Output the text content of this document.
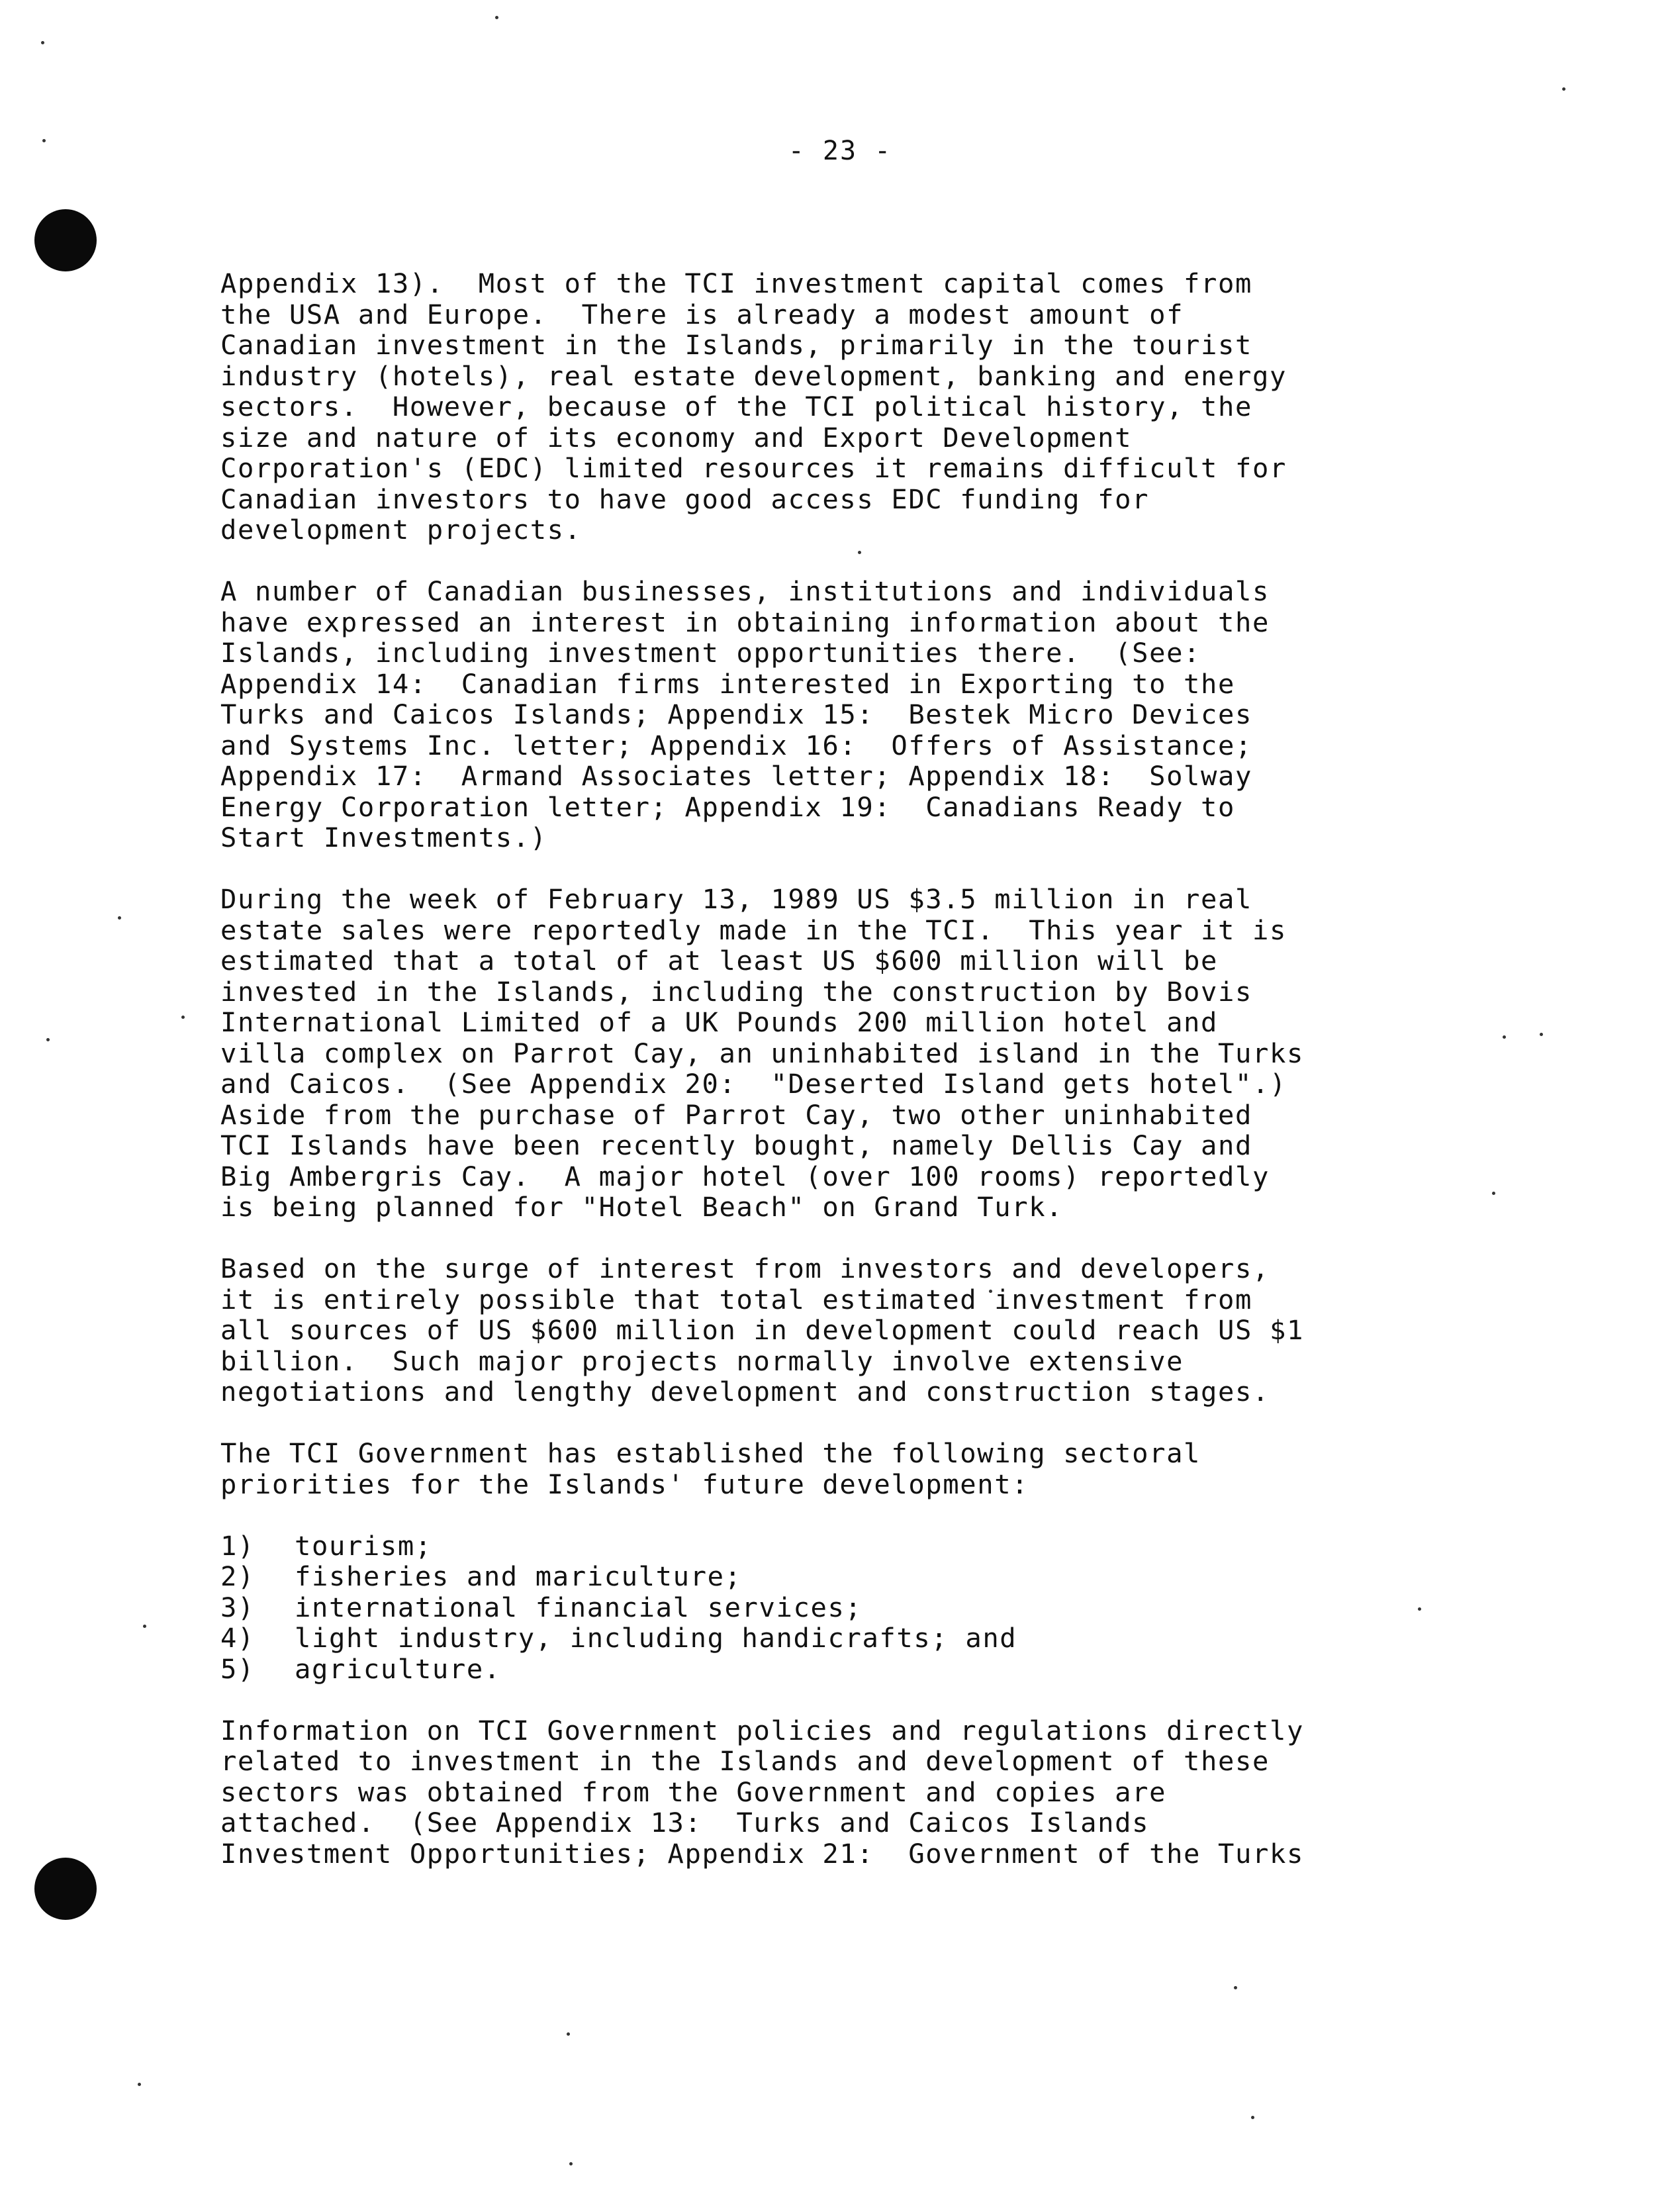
- 23 -

Appendix 13).  Most of the TCI investment capital comes from
the USA and Europe.  There is already a modest amount of
Canadian investment in the Islands, primarily in the tourist
industry (hotels), real estate development, banking and energy
sectors.  However, because of the TCI political history, the
size and nature of its economy and Export Development
Corporation's (EDC) limited resources it remains difficult for
Canadian investors to have good access EDC funding for
development projects.

A number of Canadian businesses, institutions and individuals
have expressed an interest in obtaining information about the
Islands, including investment opportunities there.  (See:
Appendix 14:  Canadian firms interested in Exporting to the
Turks and Caicos Islands; Appendix 15:  Bestek Micro Devices
and Systems Inc. letter; Appendix 16:  Offers of Assistance;
Appendix 17:  Armand Associates letter; Appendix 18:  Solway
Energy Corporation letter; Appendix 19:  Canadians Ready to
Start Investments.)

During the week of February 13, 1989 US $3.5 million in real
estate sales were reportedly made in the TCI.  This year it is
estimated that a total of at least US $600 million will be
invested in the Islands, including the construction by Bovis
International Limited of a UK Pounds 200 million hotel and
villa complex on Parrot Cay, an uninhabited island in the Turks
and Caicos.  (See Appendix 20:  "Deserted Island gets hotel".)
Aside from the purchase of Parrot Cay, two other uninhabited
TCI Islands have been recently bought, namely Dellis Cay and
Big Ambergris Cay.  A major hotel (over 100 rooms) reportedly
is being planned for "Hotel Beach" on Grand Turk.

Based on the surge of interest from investors and developers,
it is entirely possible that total estimated investment from
all sources of US $600 million in development could reach US $1
billion.  Such major projects normally involve extensive
negotiations and lengthy development and construction stages.

The TCI Government has established the following sectoral
priorities for the Islands' future development:

1) tourism;
2) fisheries and mariculture;
3) international financial services;
4) light industry, including handicrafts; and
5) agriculture.

Information on TCI Government policies and regulations directly
related to investment in the Islands and development of these
sectors was obtained from the Government and copies are
attached.  (See Appendix 13:  Turks and Caicos Islands
Investment Opportunities; Appendix 21:  Government of the Turks
